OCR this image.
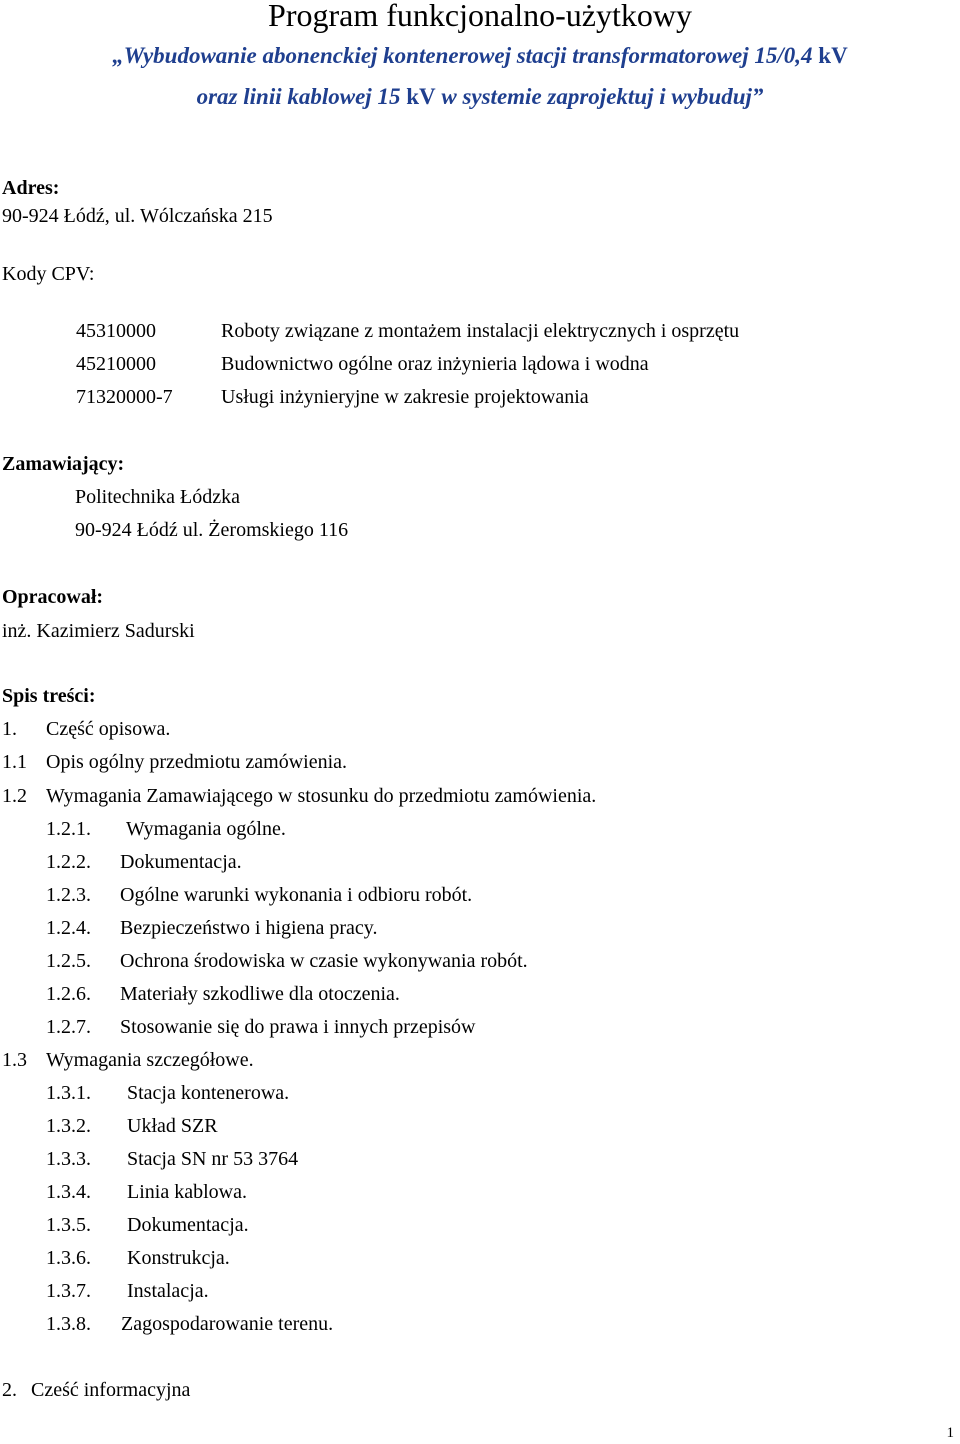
Program funkcjonalno-użytkowy
„Wybudowanie abonenckiej kontenerowej stacji transformatorowej 15/0,4 kV
oraz linii kablowej 15 kV w systemie zaprojektuj i wybuduj”
Adres:
90-924 Łódź, ul. Wólczańska 215
Kody CPV:
45310000	Roboty związane z montażem instalacji elektrycznych i osprzętu
45210000	Budownictwo ogólne oraz inżynieria lądowa i wodna
71320000-7 Usługi inżynieryjne w zakresie projektowania
Zamawiający:
Politechnika Łódzka
90-924 Łódź ul. Żeromskiego 116
Opracował:
inż. Kazimierz Sadurski
Spis treści:
1. Część opisowa.
1.1 Opis ogólny przedmiotu zamówienia.
1.2 Wymagania Zamawiającego w stosunku do przedmiotu zamówienia.
1.2.1. Wymagania ogólne.
1.2.2. Dokumentacja.
1.2.3. Ogólne warunki wykonania i odbioru robót.
1.2.4. Bezpieczeństwo i higiena pracy.
1.2.5. Ochrona środowiska w czasie wykonywania robót.
1.2.6. Materiały szkodliwe dla otoczenia.
1.2.7. Stosowanie się do prawa i innych przepisów
1.3 Wymagania szczegółowe.
1.3.1. Stacja kontenerowa.
1.3.2. Układ SZR
1.3.3. Stacja SN nr 53 3764
1.3.4. Linia kablowa.
1.3.5. Dokumentacja.
1.3.6. Konstrukcja.
1.3.7. Instalacja.
1.3.8. Zagospodarowanie terenu.
2. Cześć informacyjna
1
